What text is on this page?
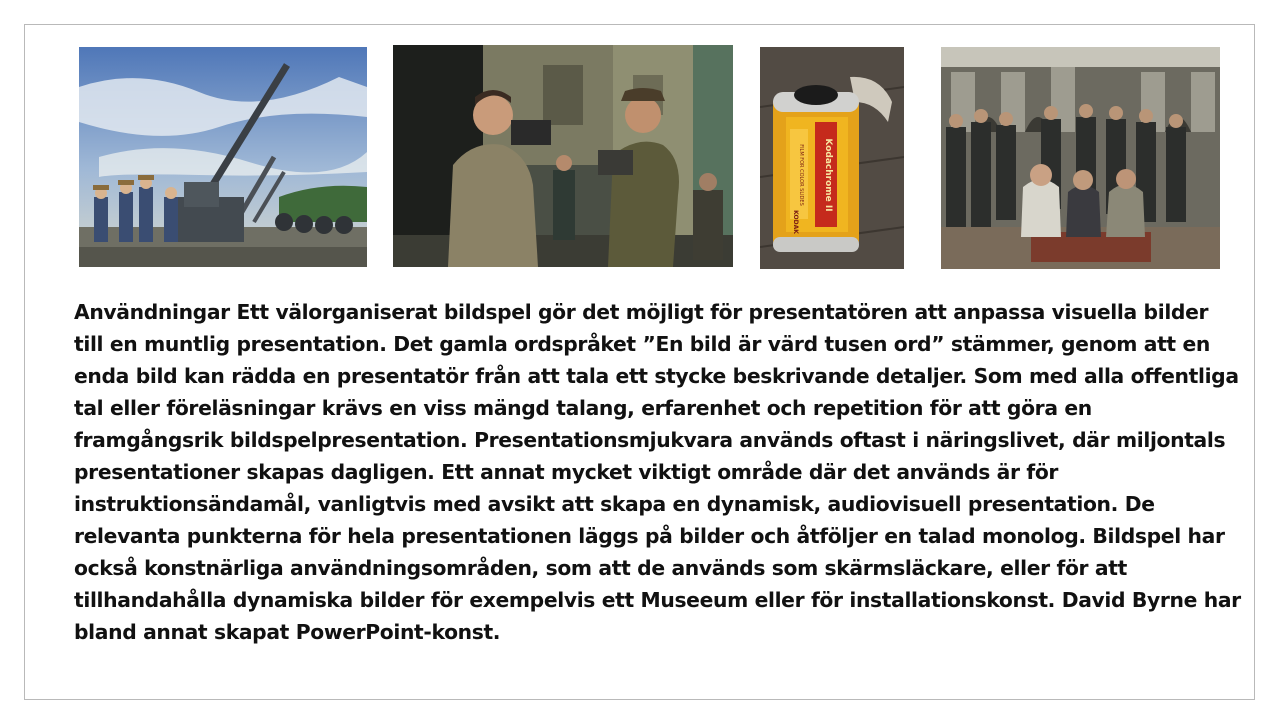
Kodachrome II
FILM FOR COLOR SLIDES
KODAK

Användningar Ett välorganiserat bildspel gör det möjligt för presentatören att anpassa visuella bilder till en muntlig presentation. Det gamla ordspråket ”En bild är värd tusen ord” stämmer, genom att en enda bild kan rädda en presentatör från att tala ett stycke beskrivande detaljer. Som med alla offentliga tal eller föreläsningar krävs en viss mängd talang, erfarenhet och repetition för att göra en framgångsrik bildspelpresentation. Presentationsmjukvara används oftast i näringslivet, där miljontals presentationer skapas dagligen. Ett annat mycket viktigt område där det används är för instruktionsändamål, vanligtvis med avsikt att skapa en dynamisk, audiovisuell presentation. De relevanta punkterna för hela presentationen läggs på bilder och åtföljer en talad monolog. Bildspel har också konstnärliga användningsområden, som att de används som skärmsläckare, eller för att tillhandahålla dynamiska bilder för exempelvis ett Museeum eller för installationskonst. David Byrne har bland annat skapat PowerPoint-konst.
